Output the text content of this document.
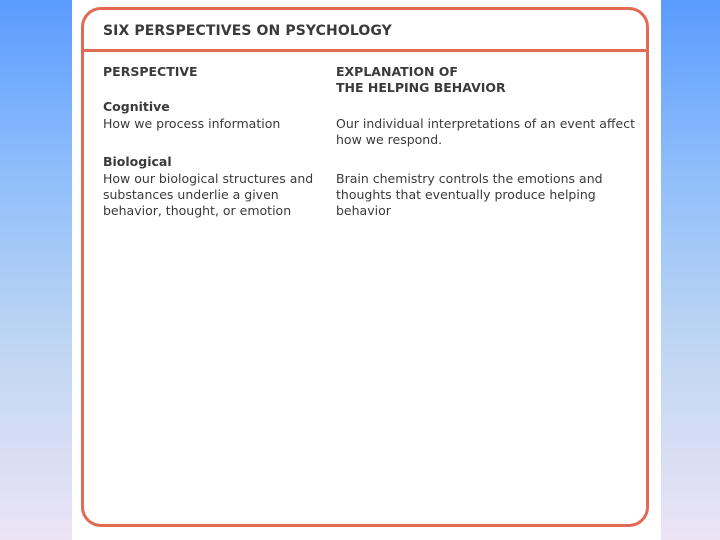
SIX PERSPECTIVES ON PSYCHOLOGY
PERSPECTIVE	EXPLANATION OF
THE HELPING BEHAVIOR
Cognitive
How we process information	Our individual interpretations of an event affect
how we respond.
Biological
How our biological structures and
substances underlie a given
behavior, thought, or emotion
Brain chemistry controls the emotions and
thoughts that eventually produce helping
behavior
